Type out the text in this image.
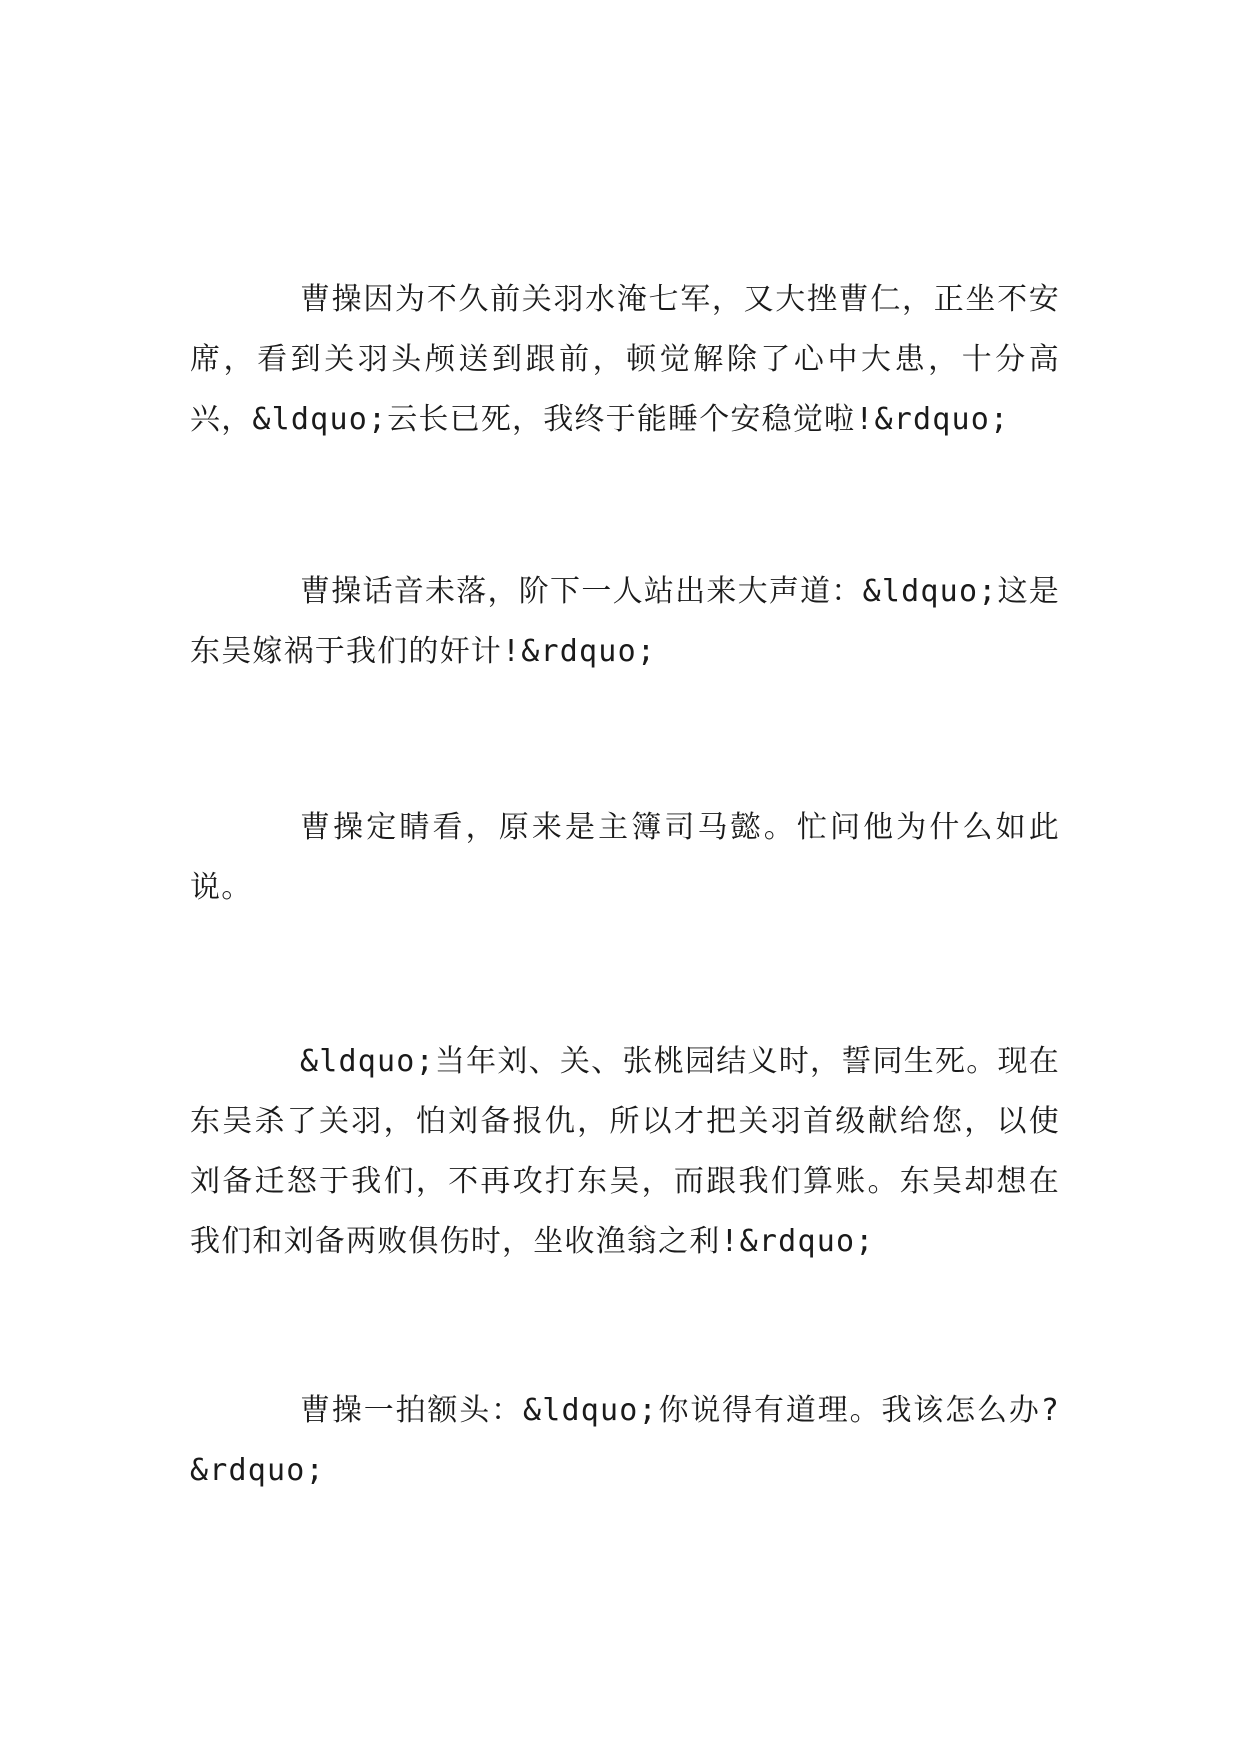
曹操因为不久前关羽水淹七军，又大挫曹仁，正坐不安席，看到关羽头颅送到跟前，顿觉解除了心中大患，十分高兴，&ldquo;云长已死，我终于能睡个安稳觉啦!&rdquo;

曹操话音未落，阶下一人站出来大声道：&ldquo;这是东吴嫁祸于我们的奸计!&rdquo;

曹操定睛看，原来是主簿司马懿。忙问他为什么如此说。

&ldquo;当年刘、关、张桃园结义时，誓同生死。现在东吴杀了关羽，怕刘备报仇，所以才把关羽首级献给您，以使刘备迁怒于我们，不再攻打东吴，而跟我们算账。东吴却想在我们和刘备两败俱伤时，坐收渔翁之利!&rdquo;

曹操一拍额头：&ldquo;你说得有道理。我该怎么办?&rdquo;
